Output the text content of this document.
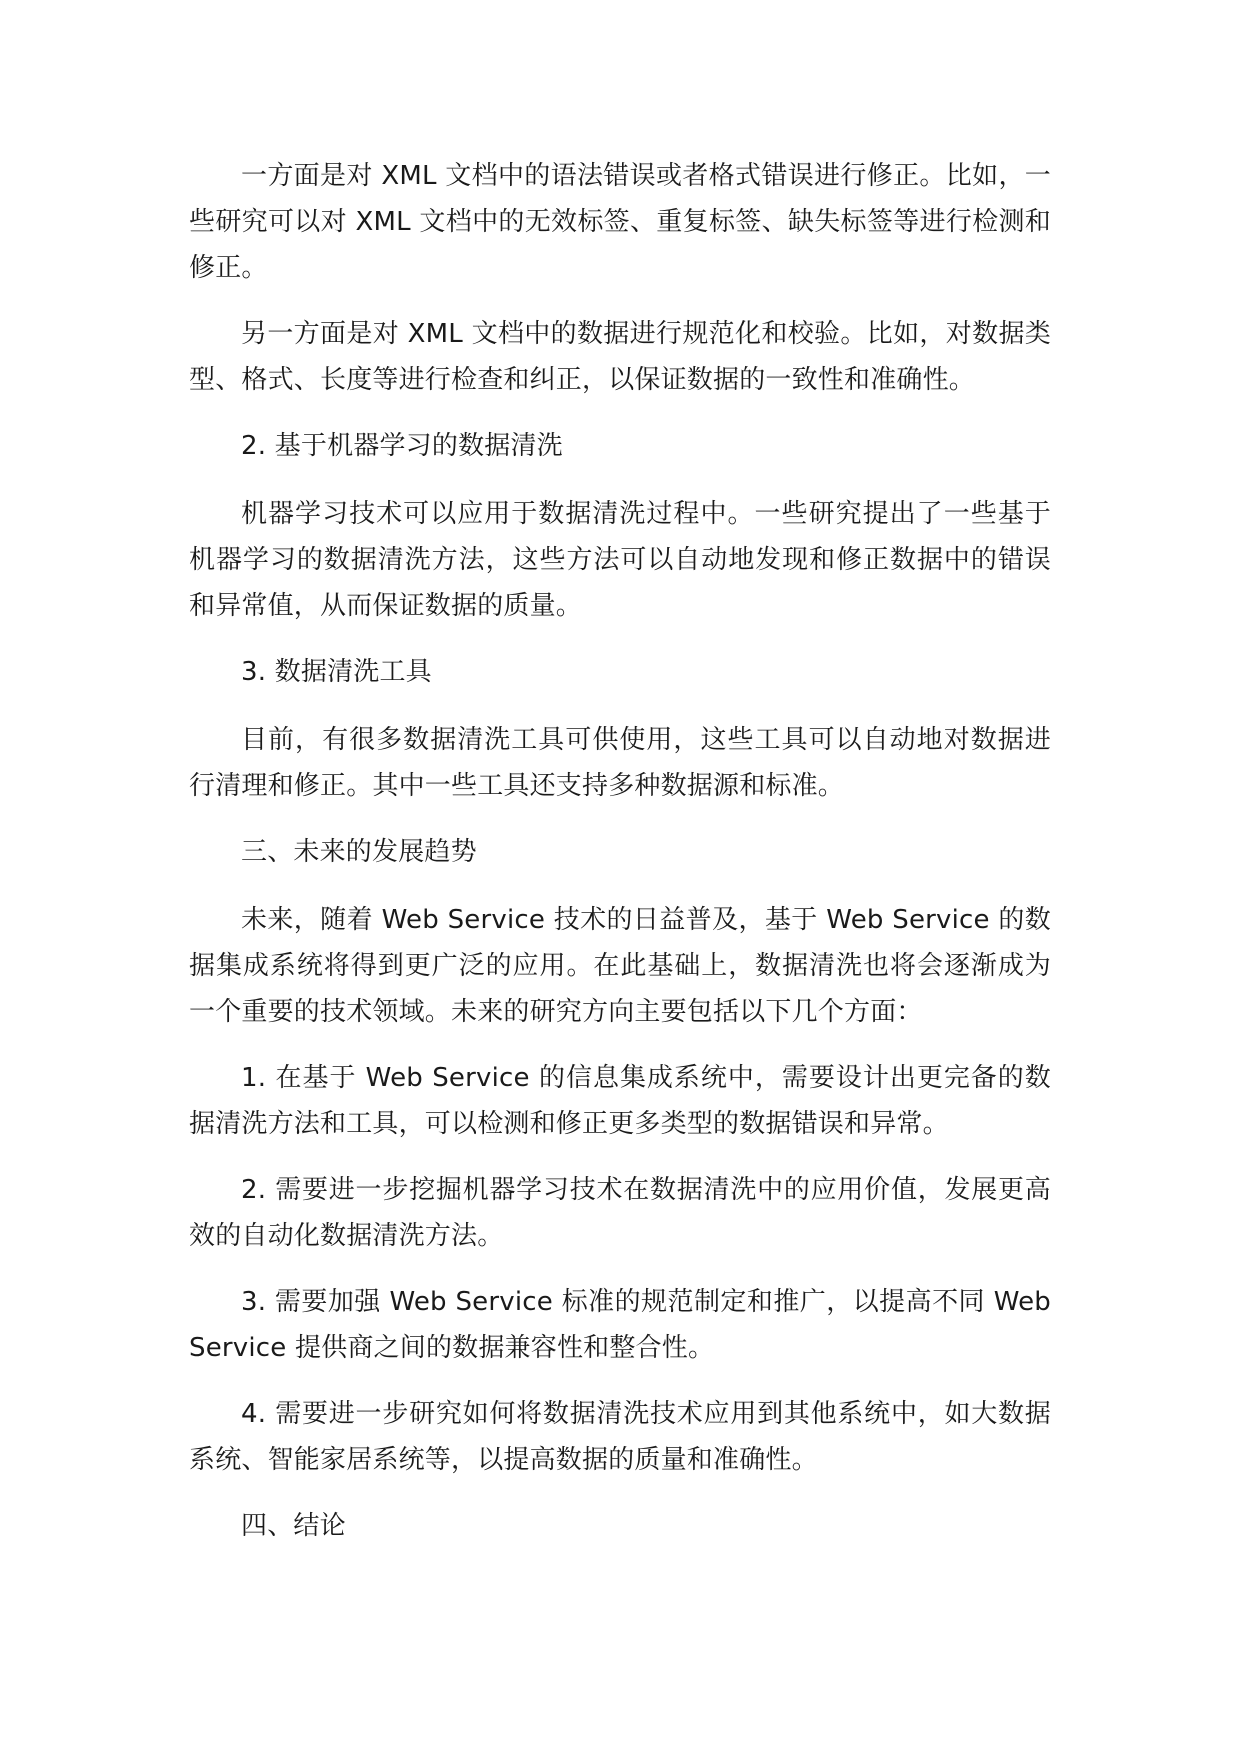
一方面是对 XML 文档中的语法错误或者格式错误进行修正。比如，一些研究可以对 XML 文档中的无效标签、重复标签、缺失标签等进行检测和修正。

另一方面是对 XML 文档中的数据进行规范化和校验。比如，对数据类型、格式、长度等进行检查和纠正，以保证数据的一致性和准确性。

2. 基于机器学习的数据清洗

机器学习技术可以应用于数据清洗过程中。一些研究提出了一些基于机器学习的数据清洗方法，这些方法可以自动地发现和修正数据中的错误和异常值，从而保证数据的质量。

3. 数据清洗工具

目前，有很多数据清洗工具可供使用，这些工具可以自动地对数据进行清理和修正。其中一些工具还支持多种数据源和标准。

三、未来的发展趋势

未来，随着 Web Service 技术的日益普及，基于 Web Service 的数据集成系统将得到更广泛的应用。在此基础上，数据清洗也将会逐渐成为一个重要的技术领域。未来的研究方向主要包括以下几个方面：

1. 在基于 Web Service 的信息集成系统中，需要设计出更完备的数据清洗方法和工具，可以检测和修正更多类型的数据错误和异常。

2. 需要进一步挖掘机器学习技术在数据清洗中的应用价值，发展更高效的自动化数据清洗方法。

3. 需要加强 Web Service 标准的规范制定和推广，以提高不同 Web Service 提供商之间的数据兼容性和整合性。

4. 需要进一步研究如何将数据清洗技术应用到其他系统中，如大数据系统、智能家居系统等，以提高数据的质量和准确性。

四、结论
